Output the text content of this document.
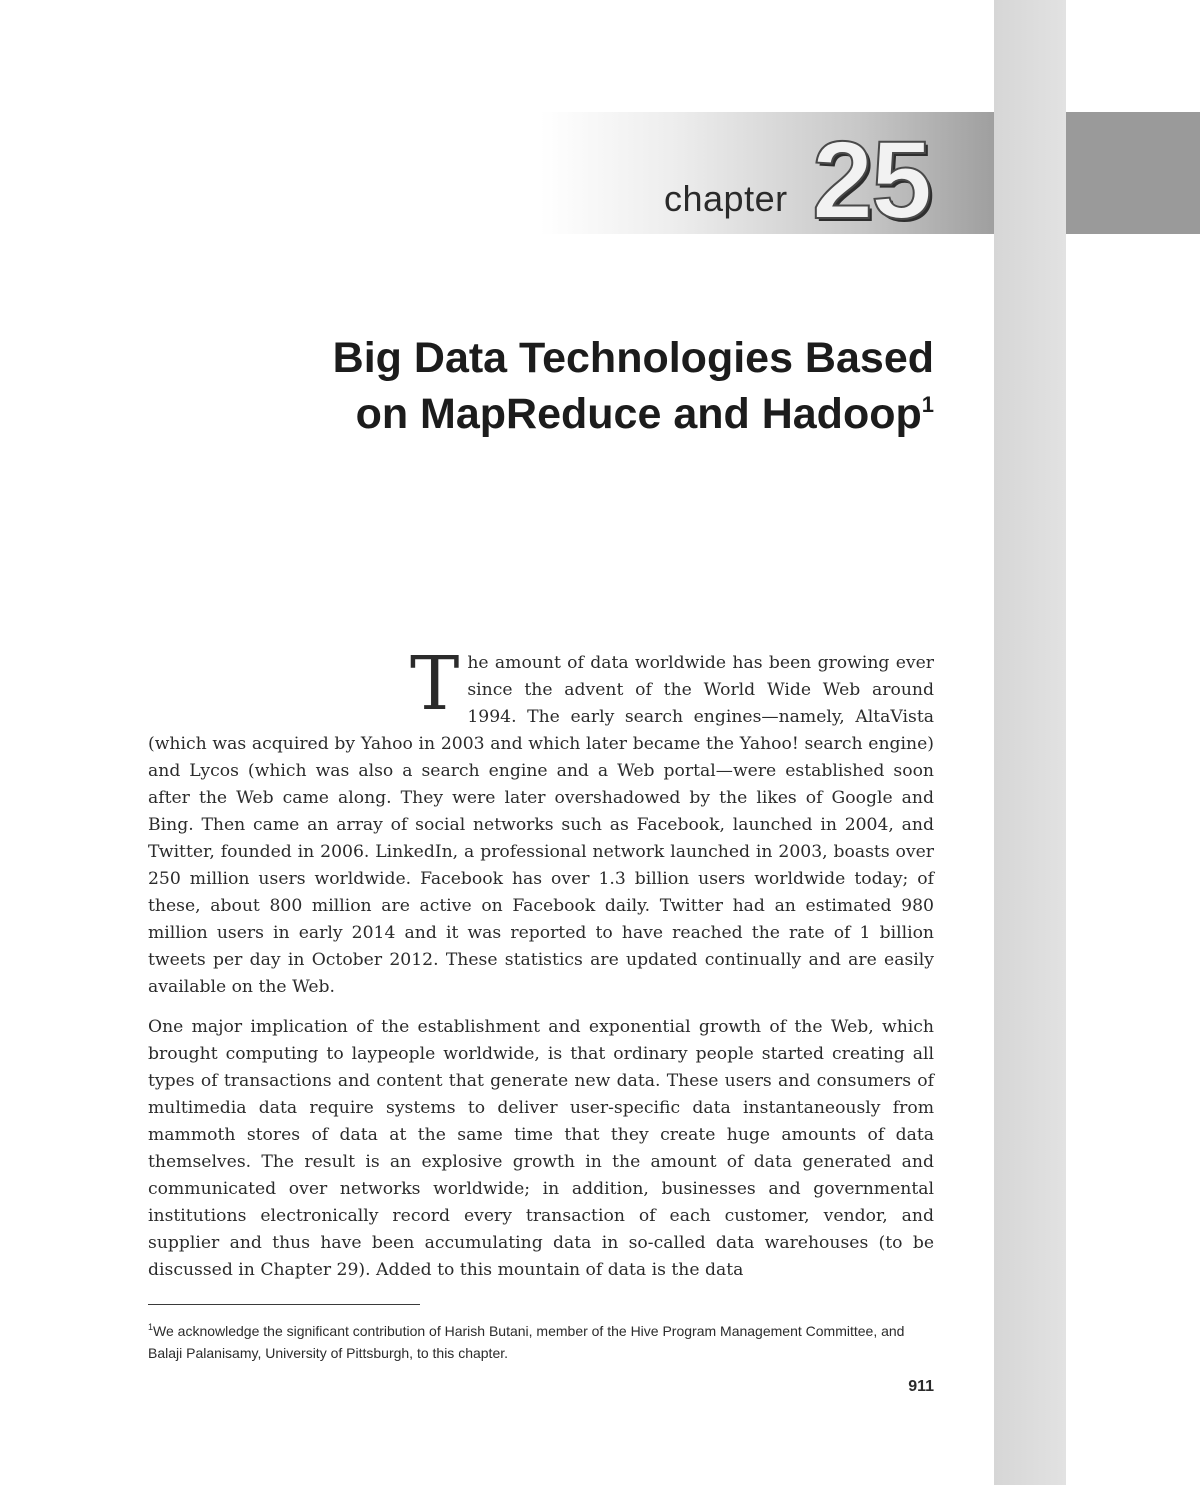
chapter 25
Big Data Technologies Based
on MapReduce and Hadoop$^1$

The amount of data worldwide has been growing ever since the advent of the World Wide Web around 1994. The early search engines—namely, AltaVista (which was acquired by Yahoo in 2003 and which later became the Yahoo! search engine) and Lycos (which was also a search engine and a Web portal—were established soon after the Web came along. They were later overshadowed by the likes of Google and Bing. Then came an array of social networks such as Facebook, launched in 2004, and Twitter, founded in 2006. LinkedIn, a professional network launched in 2003, boasts over 250 million users worldwide. Facebook has over 1.3 billion users worldwide today; of these, about 800 million are active on Facebook daily. Twitter had an estimated 980 million users in early 2014 and it was reported to have reached the rate of 1 billion tweets per day in October 2012. These statistics are updated continually and are easily available on the Web.

One major implication of the establishment and exponential growth of the Web, which brought computing to laypeople worldwide, is that ordinary people started creating all types of transactions and content that generate new data. These users and consumers of multimedia data require systems to deliver user-specific data instantaneously from mammoth stores of data at the same time that they create huge amounts of data themselves. The result is an explosive growth in the amount of data generated and communicated over networks worldwide; in addition, businesses and governmental institutions electronically record every transaction of each customer, vendor, and supplier and thus have been accumulating data in so-called data warehouses (to be discussed in Chapter 29). Added to this mountain of data is the data

$^1$We acknowledge the significant contribution of Harish Butani, member of the Hive Program Management Committee, and Balaji Palanisamy, University of Pittsburgh, to this chapter.

911
